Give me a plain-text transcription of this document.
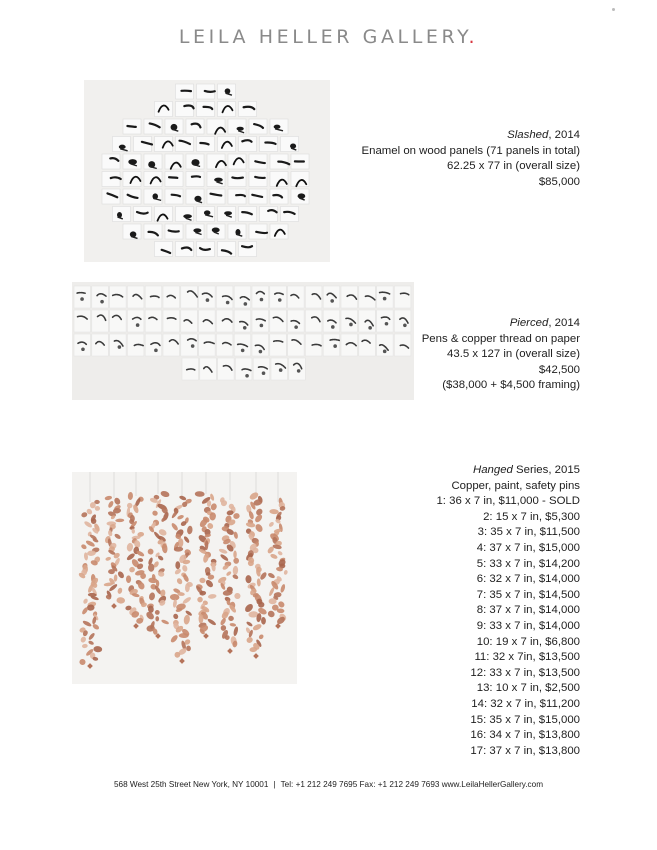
LEILA HELLER GALLERY.
Slashed, 2014
Enamel on wood panels (71 panels in total)
62.25 x 77 in (overall size)
$85,000
Pierced, 2014
Pens & copper thread on paper
43.5 x 127 in (overall size)
$42,500
($38,000 + $4,500 framing)
Hanged Series, 2015
Copper, paint, safety pins
1: 36 x 7 in, $11,000 - SOLD
2: 15 x 7 in, $5,300
3: 35 x 7 in, $11,500
4: 37 x 7 in, $15,000
5: 33 x 7 in, $14,200
6: 32 x 7 in, $14,000
7: 35 x 7 in, $14,500
8: 37 x 7 in, $14,000
9: 33 x 7 in, $14,000
10: 19 x 7 in, $6,800
11: 32 x 7in, $13,500
12: 33 x 7 in, $13,500
13: 10 x 7 in, $2,500
14: 32 x 7 in, $11,200
15: 35 x 7 in, $15,000
16: 34 x 7 in, $13,800
17: 37 x 7 in, $13,800
568 West 25th Street New York, NY 10001 | Tel: +1 212 249 7695 Fax: +1 212 249 7693 www.LeilaHellerGallery.com
